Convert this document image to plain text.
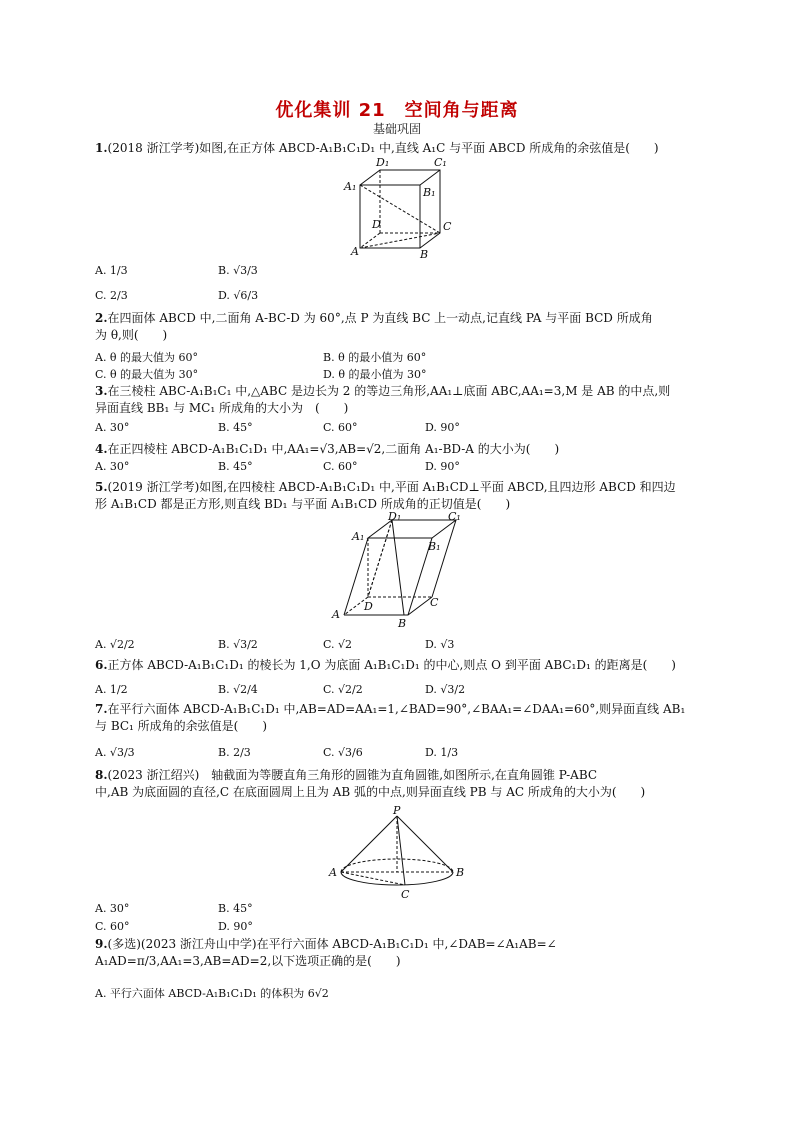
优化集训 21　空间角与距离
基础巩固
1.(2018 浙江学考)如图,在正方体 ABCD-A₁B₁C₁D₁ 中,直线 A₁C 与平面 ABCD 所成角的余弦值是(　　)
D₁	C₁
A₁	B₁
D	C
A	B
A. 1/3	B. √3/3
C. 2/3	D. √6/3
2.在四面体 ABCD 中,二面角 A-BC-D 为 60°,点 P 为直线 BC 上一动点,记直线 PA 与平面 BCD 所成角
为 θ,则(　　)
A. θ 的最大值为 60°	B. θ 的最小值为 60°
C. θ 的最大值为 30°	D. θ 的最小值为 30°
3.在三棱柱 ABC-A₁B₁C₁ 中,△ABC 是边长为 2 的等边三角形,AA₁⊥底面 ABC,AA₁=3,M 是 AB 的中点,则
异面直线 BB₁ 与 MC₁ 所成角的大小为　(　　)
A. 30°	B. 45°	C. 60°	D. 90°
4.在正四棱柱 ABCD-A₁B₁C₁D₁ 中,AA₁=√3,AB=√2,二面角 A₁-BD-A 的大小为(　　)
A. 30°	B. 45°	C. 60°	D. 90°
5.(2019 浙江学考)如图,在四棱柱 ABCD-A₁B₁C₁D₁ 中,平面 A₁B₁CD⊥平面 ABCD,且四边形 ABCD 和四边
形 A₁B₁CD 都是正方形,则直线 BD₁ 与平面 A₁B₁CD 所成角的正切值是(　　)
D₁	C₁
A₁
B₁
D	C
A
B
A. √2/2	B. √3/2	C. √2	D. √3
6.正方体 ABCD-A₁B₁C₁D₁ 的棱长为 1,O 为底面 A₁B₁C₁D₁ 的中心,则点 O 到平面 ABC₁D₁ 的距离是(　　)
A. 1/2	B. √2/4	C. √2/2	D. √3/2
7.在平行六面体 ABCD-A₁B₁C₁D₁ 中,AB=AD=AA₁=1,∠BAD=90°,∠BAA₁=∠DAA₁=60°,则异面直线 AB₁
与 BC₁ 所成角的余弦值是(　　)
A. √3/3	B. 2/3	C. √3/6	D. 1/3
8.(2023 浙江绍兴)　轴截面为等腰直角三角形的圆锥为直角圆锥,如图所示,在直角圆锥 P-ABC
中,AB 为底面圆的直径,C 在底面圆周上且为 AB 弧的中点,则异面直线 PB 与 AC 所成角的大小为(　　)
P
A	B
C
A. 30°	B. 45°
C. 60°	D. 90°
9.(多选)(2023 浙江舟山中学)在平行六面体 ABCD-A₁B₁C₁D₁ 中,∠DAB=∠A₁AB=∠
A₁AD=π/3,AA₁=3,AB=AD=2,以下选项正确的是(　　)
A. 平行六面体 ABCD-A₁B₁C₁D₁ 的体积为 6√2
